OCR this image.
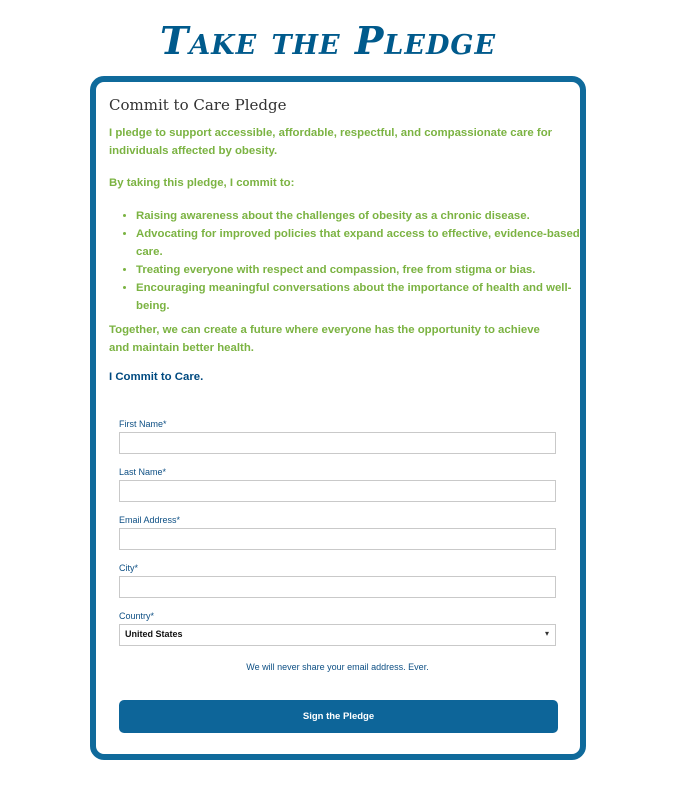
Take the Pledge
Commit to Care Pledge
I pledge to support accessible, affordable, respectful, and compassionate care for individuals affected by obesity.
By taking this pledge, I commit to:
• Raising awareness about the challenges of obesity as a chronic disease.
• Advocating for improved policies that expand access to effective, evidence-based care.
• Treating everyone with respect and compassion, free from stigma or bias.
• Encouraging meaningful conversations about the importance of health and well-being.
Together, we can create a future where everyone has the opportunity to achieve and maintain better health.
I Commit to Care.
First Name*
Last Name*
Email Address*
City*
Country*
United States	▾
We will never share your email address. Ever.
Sign the Pledge
